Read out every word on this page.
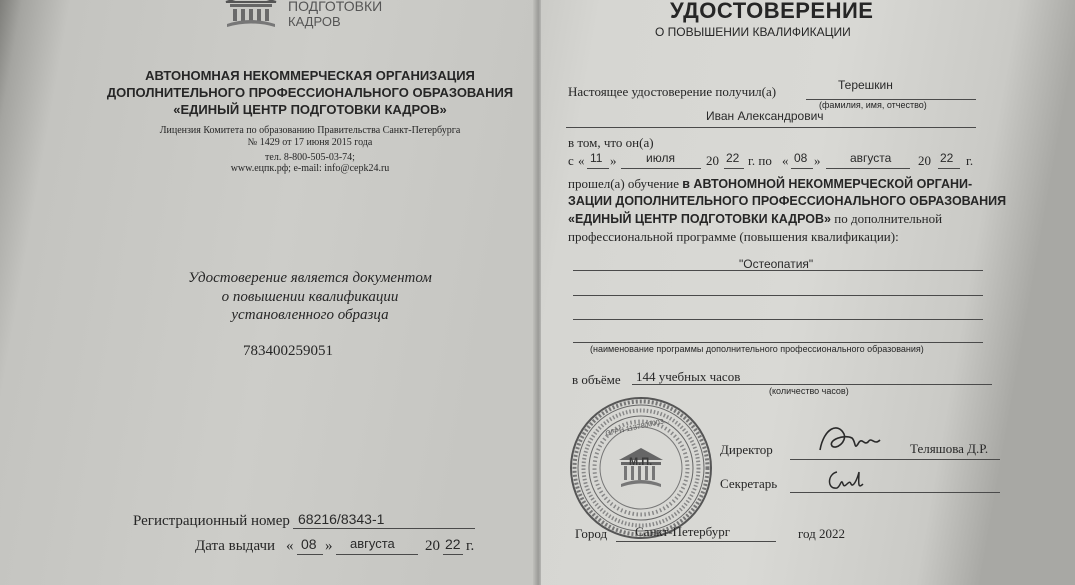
ПОДГОТОВКИ
КАДРОВ
АВТОНОМНАЯ НЕКОММЕРЧЕСКАЯ ОРГАНИЗАЦИЯ
ДОПОЛНИТЕЛЬНОГО ПРОФЕССИОНАЛЬНОГО ОБРАЗОВАНИЯ
«ЕДИНЫЙ ЦЕНТР ПОДГОТОВКИ КАДРОВ»
Лицензия Комитета по образованию Правительства Санкт-Петербурга
№ 1429 от 17 июня 2015 года
тел. 8-800-505-03-74;
www.ецпк.рф; e-mail: info@cepk24.ru
Удостоверение является документом
о повышении квалификации
установленного образца
783400259051
Регистрационный номер 68216/8343-1
Дата выдачи « 08 » августа 20 22 г.
УДОСТОВЕРЕНИЕ
О ПОВЫШЕНИИ КВАЛИФИКАЦИИ
Настоящее удостоверение получил(а)	Терешкин
(фамилия, имя, отчество)
Иван Александрович
в том, что он(а)
с « 11 » июля 20 22 г. по « 08 » августа 20 22 г.
прошел(а) обучение в АВТОНОМНОЙ НЕКОММЕРЧЕСКОЙ ОРГАНИ-
ЗАЦИИ ДОПОЛНИТЕЛЬНОГО ПРОФЕССИОНАЛЬНОГО ОБРАЗОВАНИЯ
«ЕДИНЫЙ ЦЕНТР ПОДГОТОВКИ КАДРОВ» по дополнительной
профессиональной программе (повышения квалификации):
"Остеопатия"
(наименование программы дополнительного профессионального образования)
в объёме 144 учебных часов
(количество часов)
М.П.
ОГРН 1137800003...
Директор	Теляшова Д.Р.
Секретарь
Город Санкт-Петербург	год 2022
